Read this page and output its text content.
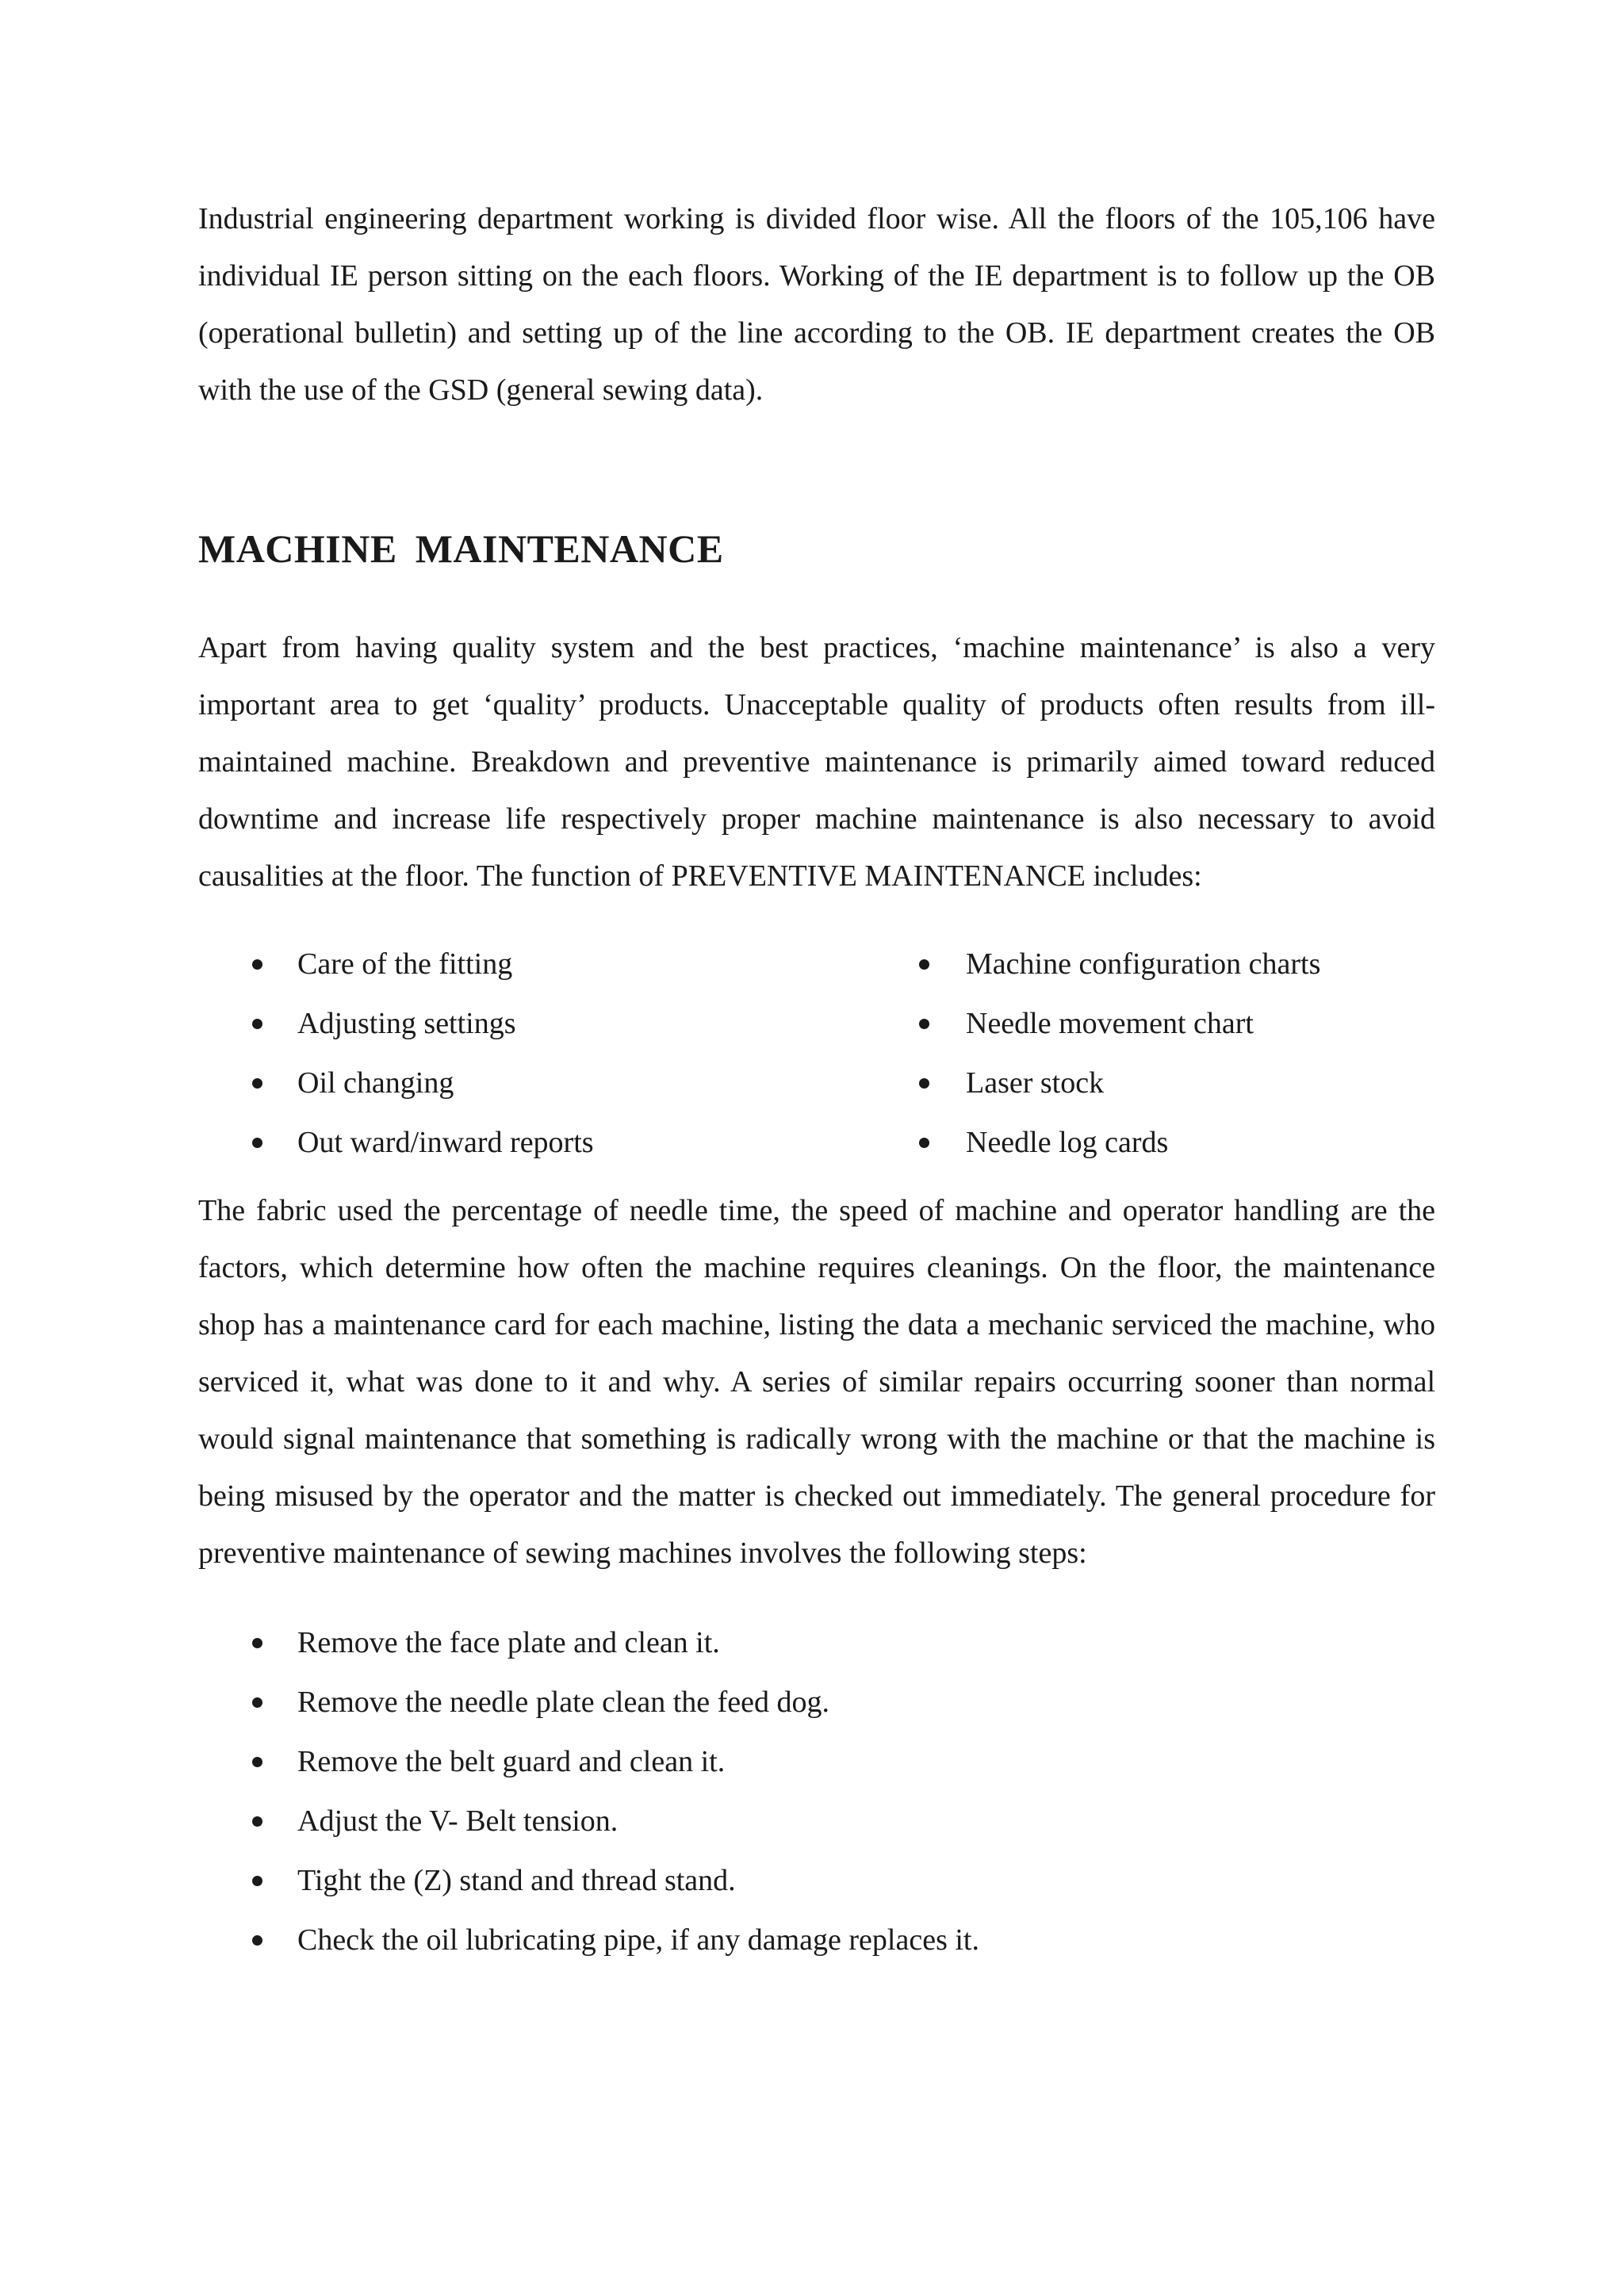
Industrial engineering department working is divided floor wise. All the floors of the 105,106 have individual IE person sitting on the each floors. Working of the IE department is to follow up the OB (operational bulletin) and setting up of the line according to the OB. IE department creates the OB with the use of the GSD (general sewing data).

MACHINE MAINTENANCE

Apart from having quality system and the best practices, ‘machine maintenance’ is also a very important area to get ‘quality’ products. Unacceptable quality of products often results from ill- maintained machine. Breakdown and preventive maintenance is primarily aimed toward reduced downtime and increase life respectively proper machine maintenance is also necessary to avoid causalities at the floor. The function of PREVENTIVE MAINTENANCE includes:

Care of the fitting
Adjusting settings
Oil changing
Out ward/inward reports
Machine configuration charts
Needle movement chart
Laser stock
Needle log cards

The fabric used the percentage of needle time, the speed of machine and operator handling are the factors, which determine how often the machine requires cleanings. On the floor, the maintenance shop has a maintenance card for each machine, listing the data a mechanic serviced the machine, who serviced it, what was done to it and why. A series of similar repairs occurring sooner than normal would signal maintenance that something is radically wrong with the machine or that the machine is being misused by the operator and the matter is checked out immediately. The general procedure for preventive maintenance of sewing machines involves the following steps:

Remove the face plate and clean it.
Remove the needle plate clean the feed dog.
Remove the belt guard and clean it.
Adjust the V- Belt tension.
Tight the (Z) stand and thread stand.
Check the oil lubricating pipe, if any damage replaces it.
